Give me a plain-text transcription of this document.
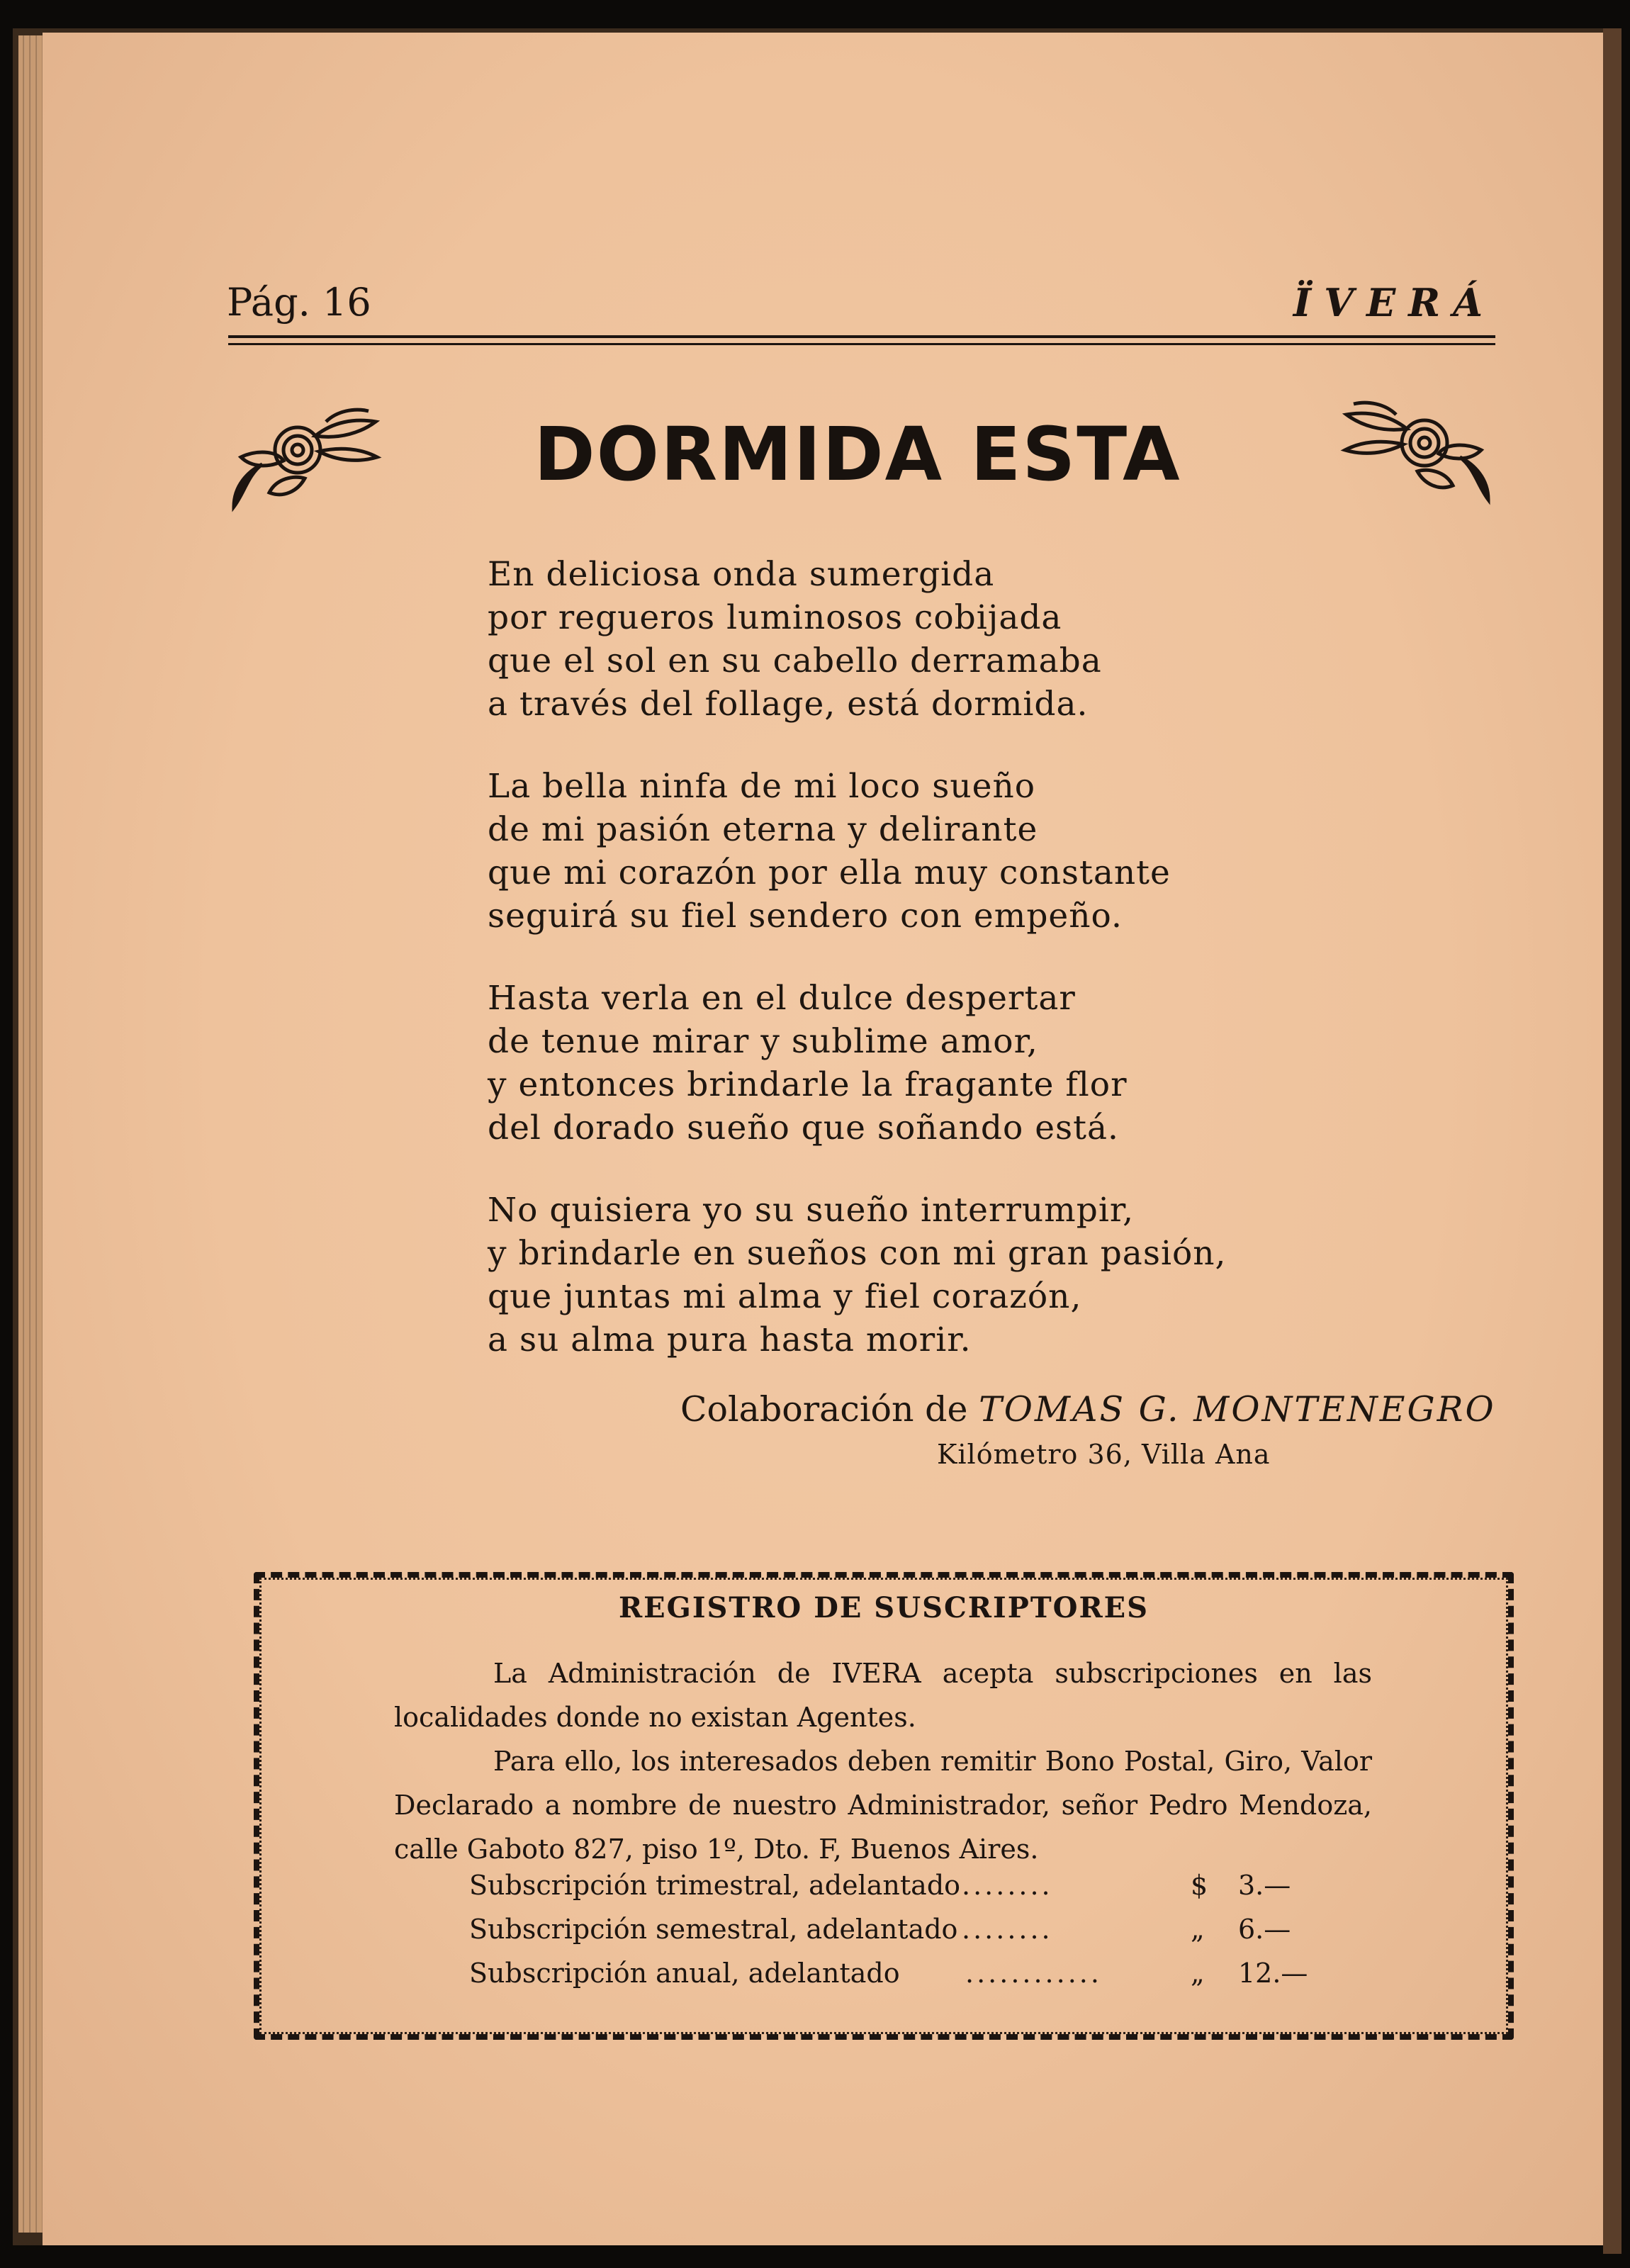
Pág. 16	ÏVERÁ
DORMIDA ESTA

En deliciosa onda sumergida
por regueros luminosos cobijada
que el sol en su cabello derramaba
a través del follage, está dormida.

La bella ninfa de mi loco sueño
de mi pasión eterna y delirante
que mi corazón por ella muy constante
seguirá su fiel sendero con empeño.

Hasta verla en el dulce despertar
de tenue mirar y sublime amor,
y entonces brindarle la fragante flor
del dorado sueño que soñando está.

No quisiera yo su sueño interrumpir,
y brindarle en sueños con mi gran pasión,
que juntas mi alma y fiel corazón,
a su alma pura hasta morir.

Colaboración de TOMAS G. MONTENEGRO
Kilómetro 36, Villa Ana
REGISTRO DE SUSCRIPTORES

La Administración de IVERA acepta subscripciones en las localidades donde no existan Agentes.

Para ello, los interesados deben remitir Bono Postal, Giro, Valor Declarado a nombre de nuestro Administrador, señor Pedro Mendoza, calle Gaboto 827, piso 1º, Dto. F, Buenos Aires.

Subscripción trimestral, adelantado ........	$ 3.—
Subscripción semestral, adelantado ........	„ 6.—
Subscripción anual, adelantado ............	„ 12.—
